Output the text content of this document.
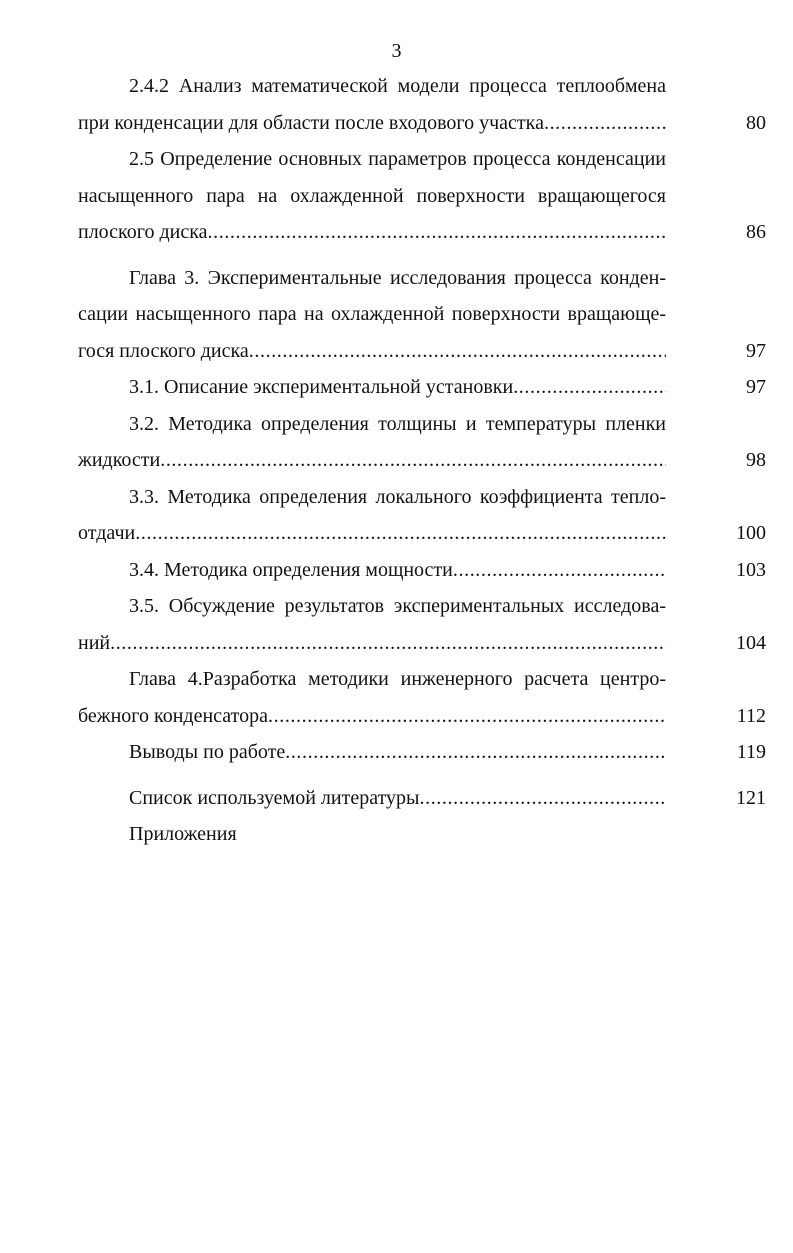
3
2.4.2 Анализ математической модели процесса теплообмена
при конденсации для области после входового участка .....	80
2.5 Определение основных параметров процесса конденсации
насыщенного пара на охлажденной поверхности вращающегося
плоского диска .....	86
Глава 3. Экспериментальные исследования процесса конден-
сации насыщенного пара на охлажденной поверхности вращающе-
гося плоского диска .....	97
3.1. Описание экспериментальной установки .....	97
3.2. Методика определения толщины и температуры пленки
жидкости .....	98
3.3. Методика определения локального коэффициента тепло-
отдачи .....	100
3.4. Методика определения мощности .....	103
3.5. Обсуждение результатов экспериментальных исследова-
ний .....	104
Глава 4.Разработка методики инженерного расчета центро-
бежного конденсатора .....	112
Выводы по работе .....	119
Список используемой литературы .....	121
Приложения
